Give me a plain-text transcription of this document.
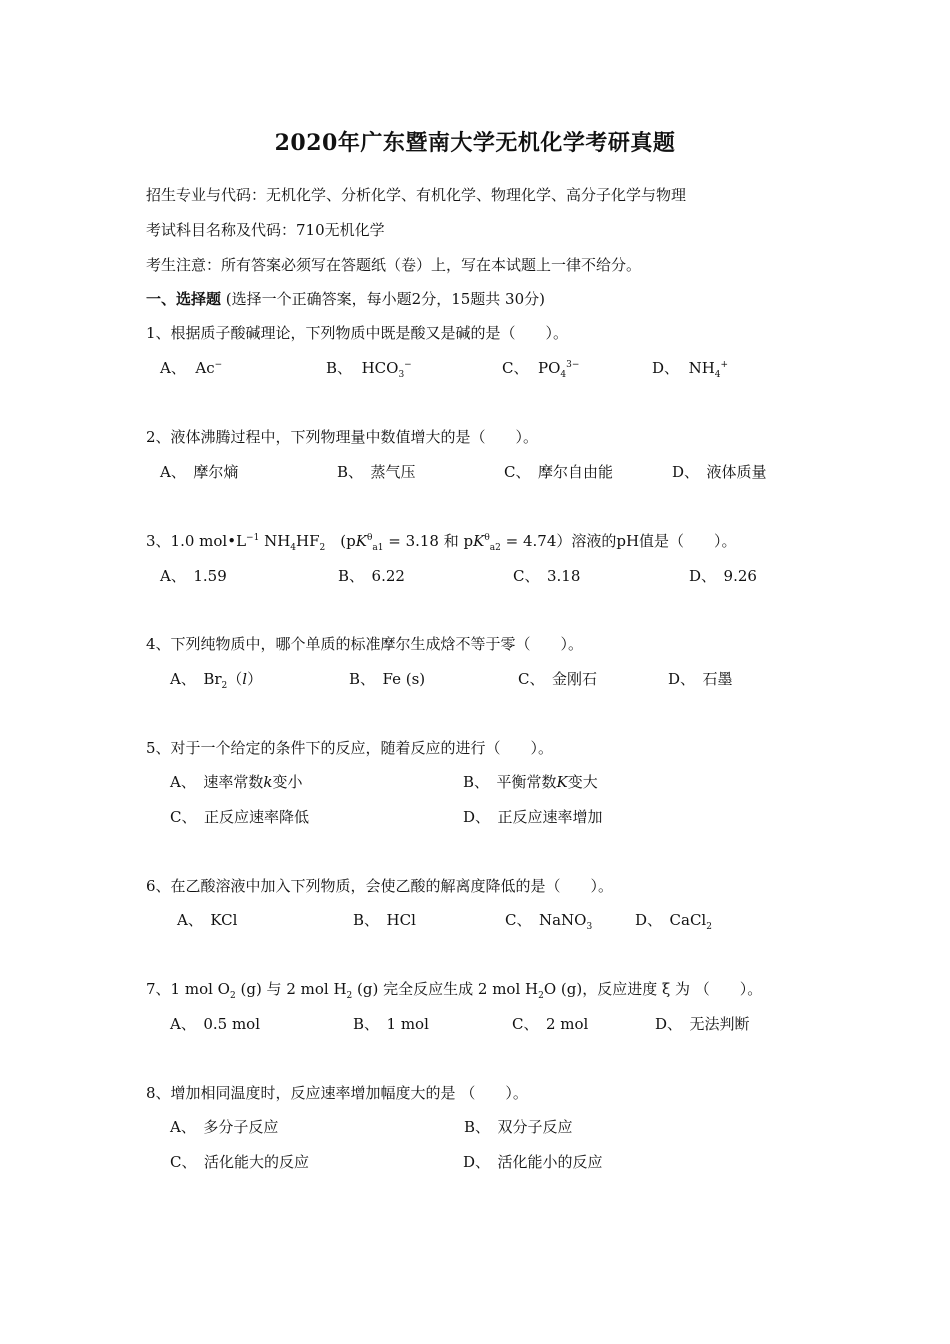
2020年广东暨南大学无机化学考研真题
招生专业与代码：无机化学、分析化学、有机化学、物理化学、高分子化学与物理
考试科目名称及代码：710无机化学
考生注意：所有答案必须写在答题纸（卷）上，写在本试题上一律不给分。
一、选择题 (选择一个正确答案，每小题2分，15题共 30分)
1、根据质子酸碱理论，下列物质中既是酸又是碱的是（　　）。
A、 Ac−	B、 $HCO_3^-$	C、 $PO_4^{3-}$	D、 $NH_4^+$
2、液体沸腾过程中，下列物理量中数值增大的是（　　）。
A、　摩尔熵	B、　蒸气压	C、　摩尔自由能	D、　液体质量
3、1.0 $mol•L^{-1}$ $NH_4HF_2$　($pK^\theta_{a1} = 3.18$ 和 $pK^\theta_{a2} = 4.74$）溶液的pH值是（　　）。
A、　1.59	B、　6.22	C、　3.18	D、　9.26
4、下列纯物质中，哪个单质的标准摩尔生成焓不等于零（　　）。
A、　$Br_2(l)$	B、　Fe (s)	C、　金刚石	D、　石墨
5、对于一个给定的条件下的反应，随着反应的进行（　　）。
A、　速率常数k变小	B、　平衡常数K变大
C、　正反应速率降低	D、　正反应速率增加
6、在乙酸溶液中加入下列物质，会使乙酸的解离度降低的是（　　）。
A、　KCl	B、　HCl	C、　NaNO$_3$	D、　CaCl$_2$
7、1 mol $O_2$ (g) 与 2 mol $H_2$ (g) 完全反应生成 2 mol $H_2O$ (g)，反应进度 ξ 为 （　　）。
A、　0.5 mol	B、　1 mol	C、　2 mol	D、　无法判断
8、增加相同温度时，反应速率增加幅度大的是 （　　）。
A、　多分子反应	B、　双分子反应
C、　活化能大的反应	D、　活化能小的反应
